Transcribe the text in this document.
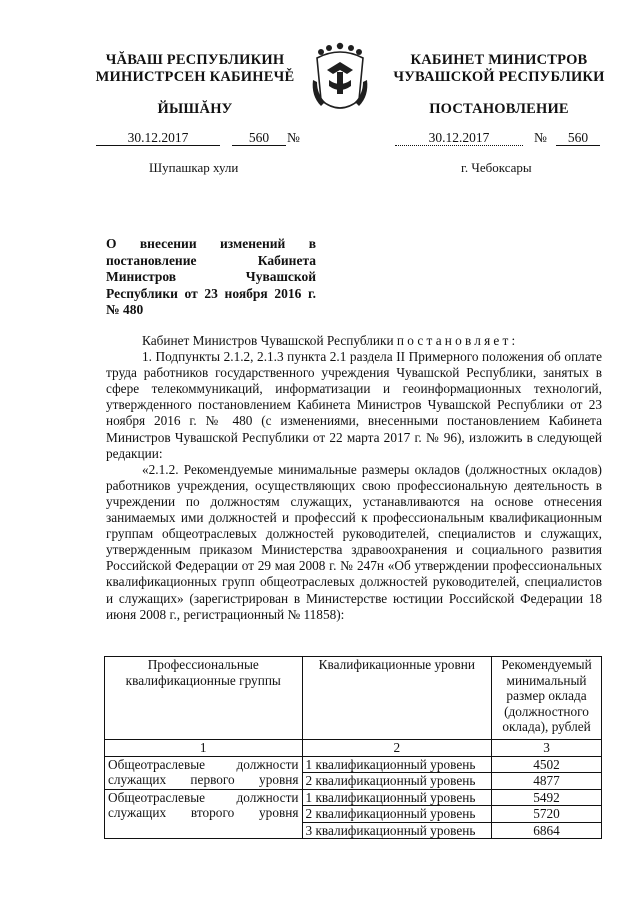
ЧĂВАШ РЕСПУБЛИКИН
МИНИСТРСЕН КАБИНЕЧĚ
ЙЫШĂНУ
КАБИНЕТ МИНИСТРОВ
ЧУВАШСКОЙ РЕСПУБЛИКИ
ПОСТАНОВЛЕНИЕ
30.12.2017	560	№	30.12.2017	№	560
Шупашкар хули	г. Чебоксары
О внесении изменений в постановление Кабинета Министров Чувашской Республики от 23 ноября 2016 г. № 480

Кабинет Министров Чувашской Республики постановляет:

1. Подпункты 2.1.2, 2.1.3 пункта 2.1 раздела II Примерного положения об оплате труда работников государственного учреждения Чувашской Республики, занятых в сфере телекоммуникаций, информатизации и геоинформационных технологий, утвержденного постановлением Кабинета Министров Чувашской Республики от 23 ноября 2016 г. № 480 (с изменениями, внесенными постановлением Кабинета Министров Чувашской Республики от 22 марта 2017 г. № 96), изложить в следующей редакции:

«2.1.2. Рекомендуемые минимальные размеры окладов (должностных окладов) работников учреждения, осуществляющих свою профессиональную деятельность в учреждении по должностям служащих, устанавливаются на основе отнесения занимаемых ими должностей и профессий к профессиональным квалификационным группам общеотраслевых должностей руководителей, специалистов и служащих, утвержденным приказом Министерства здравоохранения и социального развития Российской Федерации от 29 мая 2008 г. № 247н «Об утверждении профессиональных квалификационных групп общеотраслевых должностей руководителей, специалистов и служащих» (зарегистрирован в Министерстве юстиции Российской Федерации 18 июня 2008 г., регистрационный № 11858):

Профессиональные квалификационные группы	Квалификационные уровни	Рекомендуемый минимальный размер оклада (должностного оклада), рублей
1	2	3
Общеотраслевые должности служащих первого уровня	1 квалификационный уровень	4502
	2 квалификационный уровень	4877
Общеотраслевые должности служащих второго уровня	1 квалификационный уровень	5492
	2 квалификационный уровень	5720
	3 квалификационный уровень	6864
